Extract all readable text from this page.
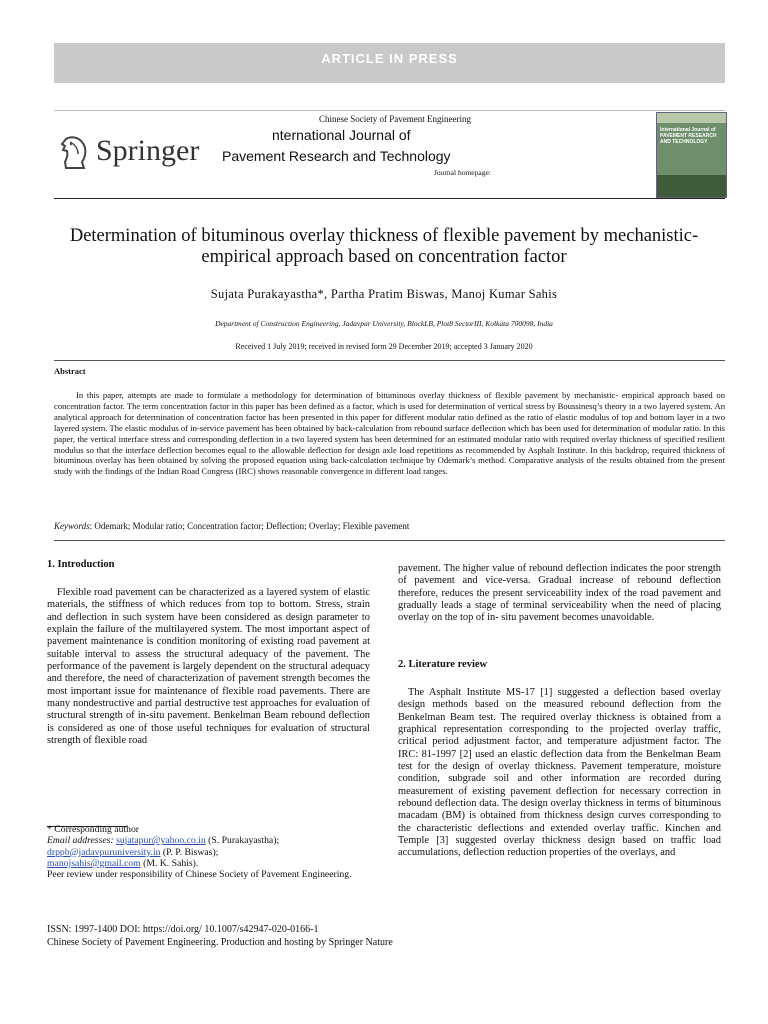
ARTICLE IN PRESS
Springer
Chinese Society of Pavement Engineering
nternational Journal of
Pavement Research and Technology
Journal homepage:
International Journal of PAVEMENT RESEARCH AND TECHNOLOGY
Determination of bituminous overlay thickness of flexible pavement by mechanistic-empirical approach based on concentration factor
Sujata Purakayastha*, Partha Pratim Biswas, Manoj Kumar Sahis
Department of Construction Engineering, Jadavpur University, BlockLB, Plot8 SectorIII, Kolkata 700098, India
Received 1 July 2019; received in revised form 29 December 2019; accepted 3 January 2020
Abstract
In this paper, attempts are made to formulate a methodology for determination of bituminous overlay thickness of flexible pavement by mechanistic- empirical approach based on concentration factor. The term concentration factor in this paper has been defined as a factor, which is used for determination of vertical stress by Boussinesq’s theory in a two layered system. An analytical approach for determination of concentration factor has been presented in this paper for different modular ratio defined as the ratio of elastic modulus of top and bottom layer in a two layered system. The elastic modulus of in-service pavement has been obtained by back-calculation from rebound surface deflection which has been used for determination of modular ratio. In this paper, the vertical interface stress and corresponding deflection in a two layered system has been determined for an estimated modular ratio with required overlay thickness of specified resilient modulus so that the interface deflection becomes equal to the allowable deflection for design axle load repetitions as recommended by Asphalt Institute. In this backdrop, required thickness of bituminous overlay has been obtained by solving the proposed equation using back-calculation technique by Odemark’s method. Comparative analysis of the results obtained from the present study with the findings of the Indian Road Congress (IRC) shows reasonable convergence in different load ranges.
Keywords: Odemark; Modular ratio; Concentration factor; Deflection; Overlay; Flexible pavement
1. Introduction
Flexible road pavement can be characterized as a layered system of elastic materials, the stiffness of which reduces from top to bottom. Stress, strain and deflection in such system have been considered as design parameter to explain the failure of the multilayered system. The most important aspect of pavement maintenance is condition monitoring of existing road pavement at suitable interval to assess the structural adequacy of the pavement. The performance of the pavement is largely dependent on the structural adequacy and therefore, the need of characterization of pavement strength becomes the most important issue for maintenance of flexible road pavements. There are many nondestructive and partial destructive test approaches for evaluation of structural strength of in-situ pavement. Benkelman Beam rebound deflection is considered as one of those useful techniques for evaluation of structural strength of flexible road
* Corresponding author
Email addresses: sujatapur@yahoo.co.in (S. Purakayastha);
drppb@jadavpuruniversity.in (P. P. Biswas);
manojsahis@gmail.com (M. K. Sahis).
Peer review under responsibility of Chinese Society of Pavement Engineering.
pavement. The higher value of rebound deflection indicates the poor strength of pavement and vice-versa. Gradual increase of rebound deflection therefore, reduces the present serviceability index of the road pavement and gradually leads a stage of terminal serviceability when the need of placing overlay on the top of in- situ pavement becomes unavoidable.
2. Literature review
The Asphalt Institute MS-17 [1] suggested a deflection based overlay design methods based on the measured rebound deflection from the Benkelman Beam test. The required overlay thickness is obtained from a graphical representation corresponding to the projected overlay traffic, critical period adjustment factor, and temperature adjustment factor. The IRC: 81-1997 [2] used an elastic deflection data from the Benkelman Beam test for the design of overlay thickness. Pavement temperature, moisture condition, subgrade soil and other information are recorded during measurement of existing pavement deflection for necessary correction in rebound deflection data. The design overlay thickness in terms of bituminous macadam (BM) is obtained from thickness design curves corresponding to the characteristic deflections and extended overlay traffic. Kinchen and Temple [3] suggested overlay thickness design based on traffic load accumulations, deflection reduction properties of the overlays, and
ISSN: 1997-1400 DOI: https://doi.org/ 10.1007/s42947-020-0166-1
Chinese Society of Pavement Engineering. Production and hosting by Springer Nature
